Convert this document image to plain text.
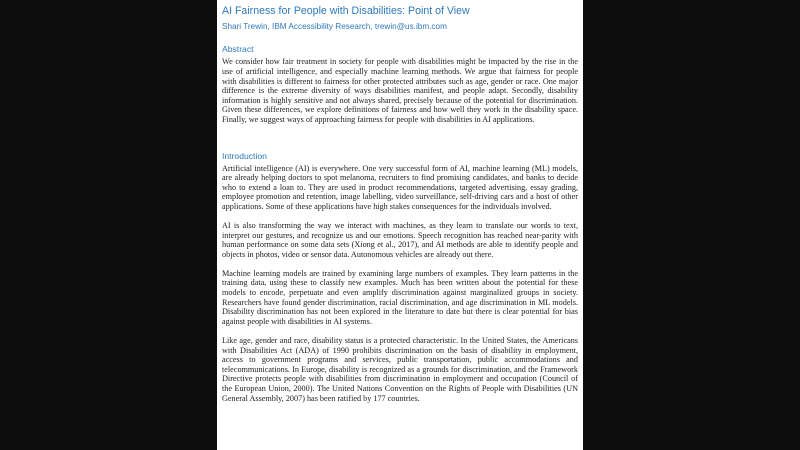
AI Fairness for People with Disabilities: Point of View
Shari Trewin, IBM Accessibility Research, trewin@us.ibm.com
Abstract

We consider how fair treatment in society for people with disabilities might be impacted by the rise in the use of artificial intelligence, and especially machine learning methods. We argue that fairness for people with disabilities is different to fairness for other protected attributes such as age, gender or race. One major difference is the extreme diversity of ways disabilities manifest, and people adapt. Secondly, disability information is highly sensitive and not always shared, precisely because of the potential for discrimination. Given these differences, we explore definitions of fairness and how well they work in the disability space. Finally, we suggest ways of approaching fairness for people with disabilities in AI applications.

Introduction

Artificial intelligence (AI) is everywhere. One very successful form of AI, machine learning (ML) models, are already helping doctors to spot melanoma, recruiters to find promising candidates, and banks to decide who to extend a loan to. They are used in product recommendations, targeted advertising, essay grading, employee promotion and retention, image labelling, video surveillance, self-driving cars and a host of other applications. Some of these applications have high stakes consequences for the individuals involved.

AI is also transforming the way we interact with machines, as they learn to translate our words to text, interpret our gestures, and recognize us and our emotions. Speech recognition has reached near-parity with human performance on some data sets (Xiong et al., 2017), and AI methods are able to identify people and objects in photos, video or sensor data. Autonomous vehicles are already out there.

Machine learning models are trained by examining large numbers of examples. They learn patterns in the training data, using these to classify new examples. Much has been written about the potential for these models to encode, perpetuate and even amplify discrimination against marginalized groups in society. Researchers have found gender discrimination, racial discrimination, and age discrimination in ML models. Disability discrimination has not been explored in the literature to date but there is clear potential for bias against people with disabilities in AI systems.

Like age, gender and race, disability status is a protected characteristic. In the United States, the Americans with Disabilities Act (ADA) of 1990 prohibits discrimination on the basis of disability in employment, access to government programs and services, public transportation, public accommodations and telecommunications. In Europe, disability is recognized as a grounds for discrimination, and the Framework Directive protects people with disabilities from discrimination in employment and occupation (Council of the European Union, 2000). The United Nations Convention on the Rights of People with Disabilities (UN General Assembly, 2007) has been ratified by 177 countries.
